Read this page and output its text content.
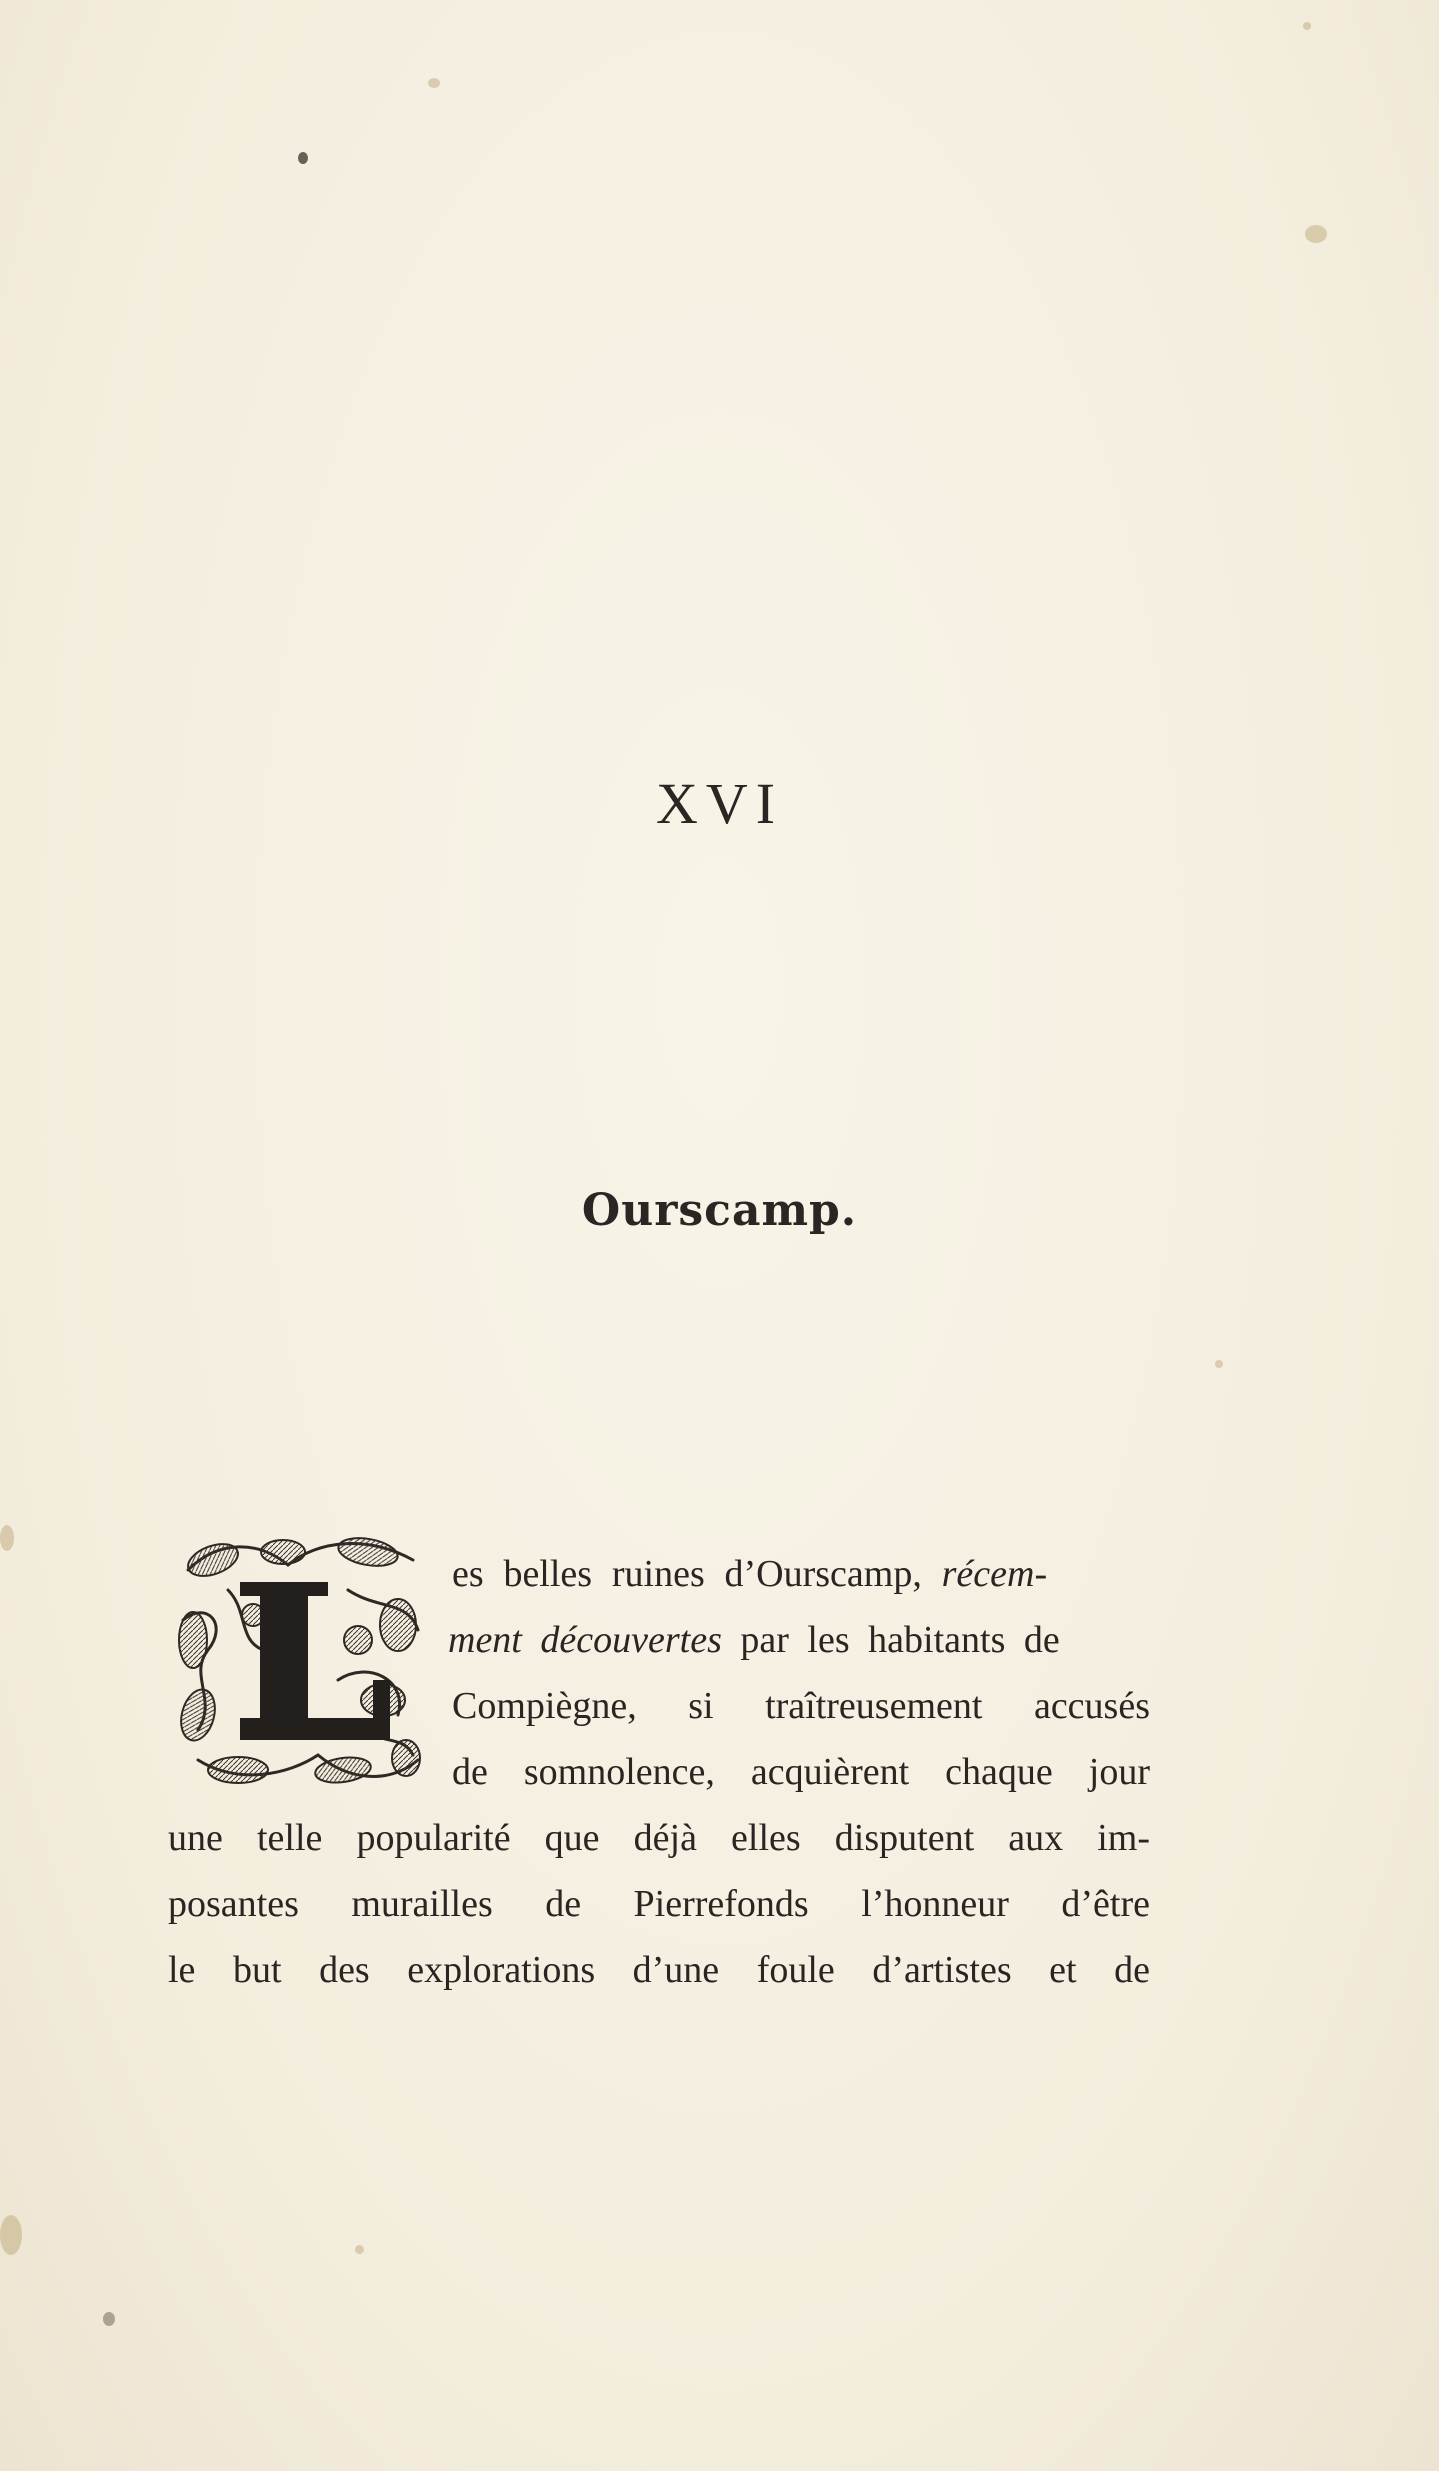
XVI
Ourscamp.
es belles ruines d’Ourscamp, récem-
ment découvertes par les habitants de
Compiègne, si traîtreusement accusés
de somnolence, acquièrent chaque jour
une telle popularité que déjà elles disputent aux im-
posantes murailles de Pierrefonds l’honneur d’être
le but des explorations d’une foule d’artistes et de
